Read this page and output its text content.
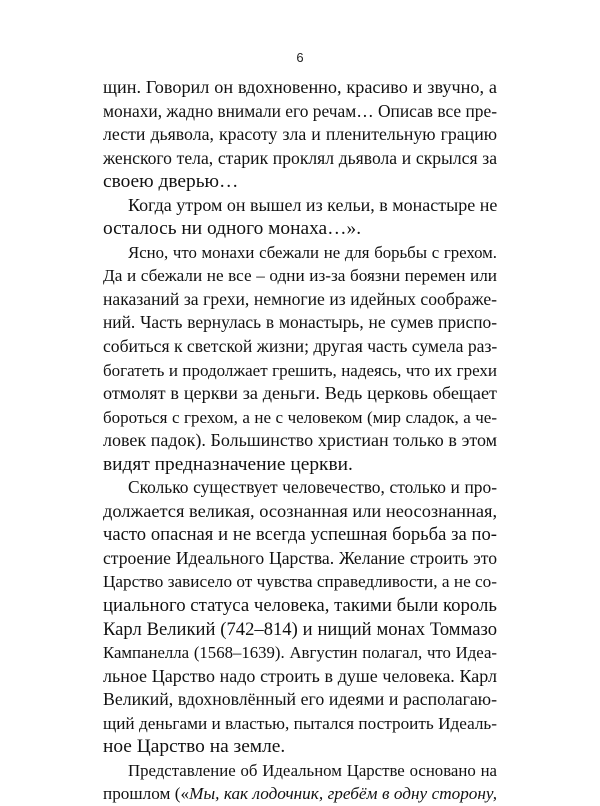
6
щин. Говорил он вдохновенно, красиво и звучно, а
монахи, жадно внимали его речам… Описав все пре-
лести дьявола, красоту зла и пленительную грацию
женского тела, старик проклял дьявола и скрылся за
своею дверью…
Когда утром он вышел из кельи, в монастыре не
осталось ни одного монаха…».
Ясно, что монахи сбежали не для борьбы с грехом.
Да и сбежали не все – одни из-за боязни перемен или
наказаний за грехи, немногие из идейных соображе-
ний. Часть вернулась в монастырь, не сумев приспо-
собиться к светской жизни; другая часть сумела раз-
богатеть и продолжает грешить, надеясь, что их грехи
отмолят в церкви за деньги. Ведь церковь обещает
бороться с грехом, а не с человеком (мир сладок, а че-
ловек падок). Большинство христиан только в этом
видят предназначение церкви.
Сколько существует человечество, столько и про-
должается великая, осознанная или неосознанная,
часто опасная и не всегда успешная борьба за по-
строение Идеального Царства. Желание строить это
Царство зависело от чувства справедливости, а не со-
циального статуса человека, такими были король
Карл Великий (742–814) и нищий монах Томмазо
Кампанелла (1568–1639). Августин полагал, что Идеа-
льное Царство надо строить в душе человека. Карл
Великий, вдохновлённый его идеями и располагаю-
щий деньгами и властью, пытался построить Идеаль-
ное Царство на земле.
Представление об Идеальном Царстве основано на
прошлом («Мы, как лодочник, гребём в одну сторону,
